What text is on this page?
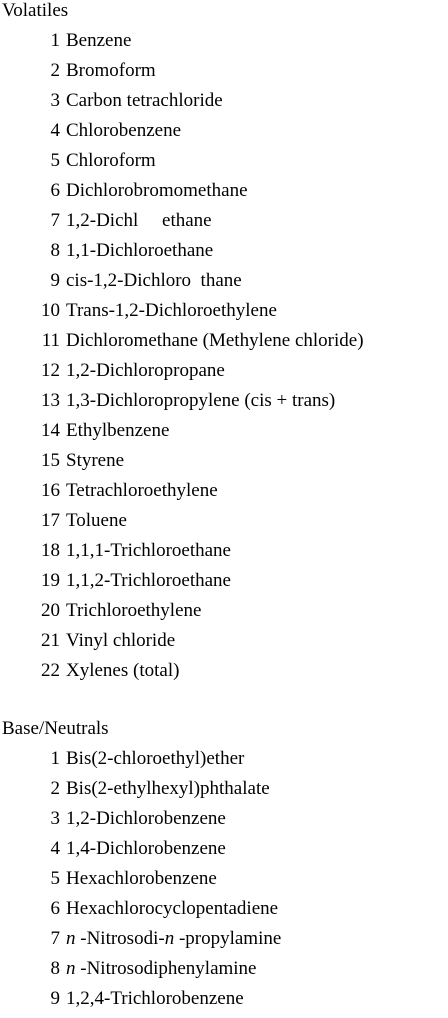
Volatiles
1 Benzene
2 Bromoform
3 Carbon tetrachloride
4 Chlorobenzene
5 Chloroform
6 Dichlorobromomethane
7 1,2-Dichl     ethane
8 1,1-Dichloroethane
9 cis-1,2-Dichloro  thane
10 Trans-1,2-Dichloroethylene
11 Dichloromethane (Methylene chloride)
12 1,2-Dichloropropane
13 1,3-Dichloropropylene (cis + trans)
14 Ethylbenzene
15 Styrene
16 Tetrachloroethylene
17 Toluene
18 1,1,1-Trichloroethane
19 1,1,2-Trichloroethane
20 Trichloroethylene
21 Vinyl chloride
22 Xylenes (total)
Base/Neutrals
1 Bis(2-chloroethyl)ether
2 Bis(2-ethylhexyl)phthalate
3 1,2-Dichlorobenzene
4 1,4-Dichlorobenzene
5 Hexachlorobenzene
6 Hexachlorocyclopentadiene
7 n -Nitrosodi-n -propylamine
8 n -Nitrosodiphenylamine
9 1,2,4-Trichlorobenzene
